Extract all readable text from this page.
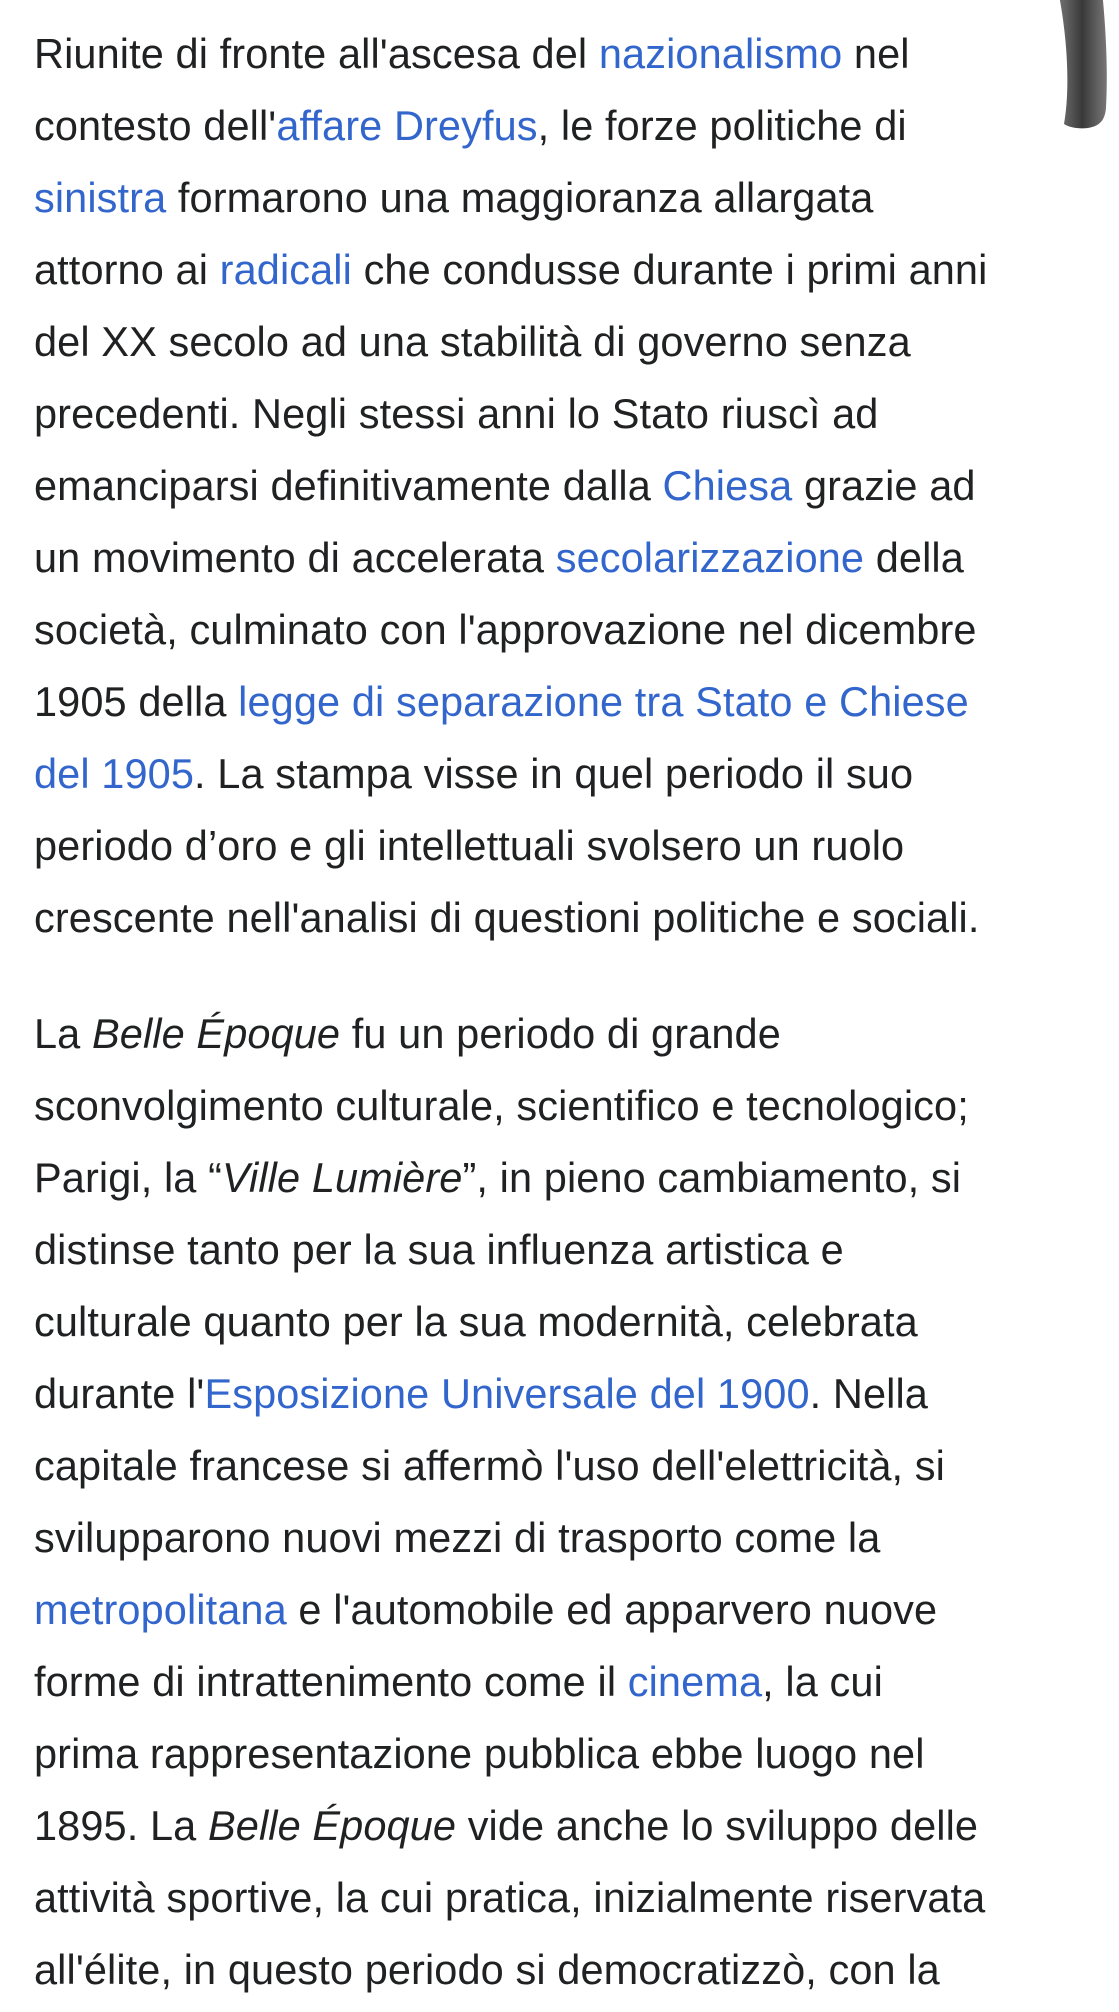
Riunite di fronte all'ascesa del nazionalismo nel
contesto dell'affare Dreyfus, le forze politiche di
sinistra formarono una maggioranza allargata
attorno ai radicali che condusse durante i primi anni
del XX secolo ad una stabilità di governo senza
precedenti. Negli stessi anni lo Stato riuscì ad
emanciparsi definitivamente dalla Chiesa grazie ad
un movimento di accelerata secolarizzazione della
società, culminato con l'approvazione nel dicembre
1905 della legge di separazione tra Stato e Chiese
del 1905. La stampa visse in quel periodo il suo
periodo d’oro e gli intellettuali svolsero un ruolo
crescente nell'analisi di questioni politiche e sociali.

La Belle Époque fu un periodo di grande
sconvolgimento culturale, scientifico e tecnologico;
Parigi, la “Ville Lumière”, in pieno cambiamento, si
distinse tanto per la sua influenza artistica e
culturale quanto per la sua modernità, celebrata
durante l'Esposizione Universale del 1900. Nella
capitale francese si affermò l'uso dell'elettricità, si
svilupparono nuovi mezzi di trasporto come la
metropolitana e l'automobile ed apparvero nuove
forme di intrattenimento come il cinema, la cui
prima rappresentazione pubblica ebbe luogo nel
1895. La Belle Époque vide anche lo sviluppo delle
attività sportive, la cui pratica, inizialmente riservata
all'élite, in questo periodo si democratizzò, con la
